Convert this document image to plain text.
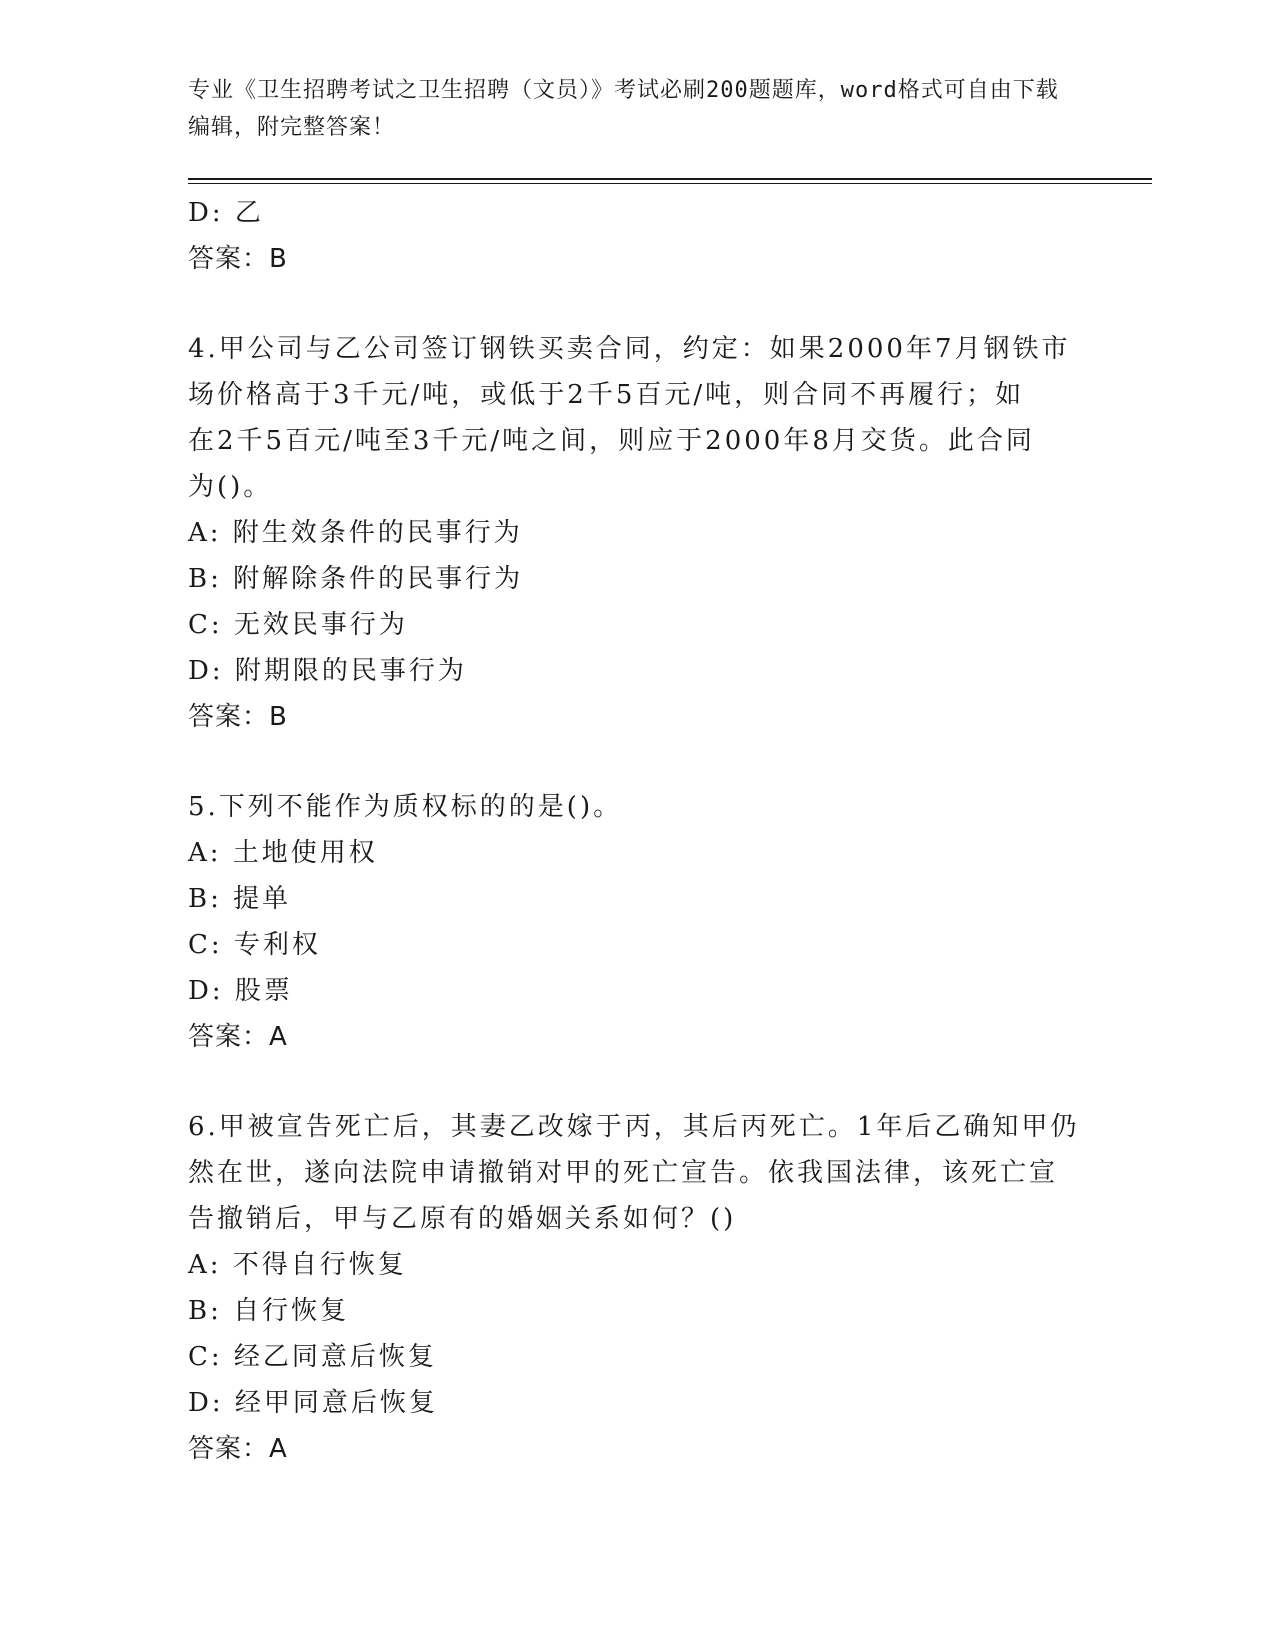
专业《卫生招聘考试之卫生招聘（文员）》考试必刷200题题库，word格式可自由下载编辑，附完整答案！

D: 乙
答案：B
4.甲公司与乙公司签订钢铁买卖合同，约定：如果2000年7月钢铁市
场价格高于3千元/吨，或低于2千5百元/吨，则合同不再履行；如
在2千5百元/吨至3千元/吨之间，则应于2000年8月交货。此合同
为()。
A: 附生效条件的民事行为
B: 附解除条件的民事行为
C: 无效民事行为
D: 附期限的民事行为
答案：B
5.下列不能作为质权标的的是()。
A: 土地使用权
B: 提单
C: 专利权
D: 股票
答案：A
6.甲被宣告死亡后，其妻乙改嫁于丙，其后丙死亡。1年后乙确知甲仍
然在世，遂向法院申请撤销对甲的死亡宣告。依我国法律，该死亡宣
告撤销后，甲与乙原有的婚姻关系如何？()
A: 不得自行恢复
B: 自行恢复
C: 经乙同意后恢复
D: 经甲同意后恢复
答案：A
